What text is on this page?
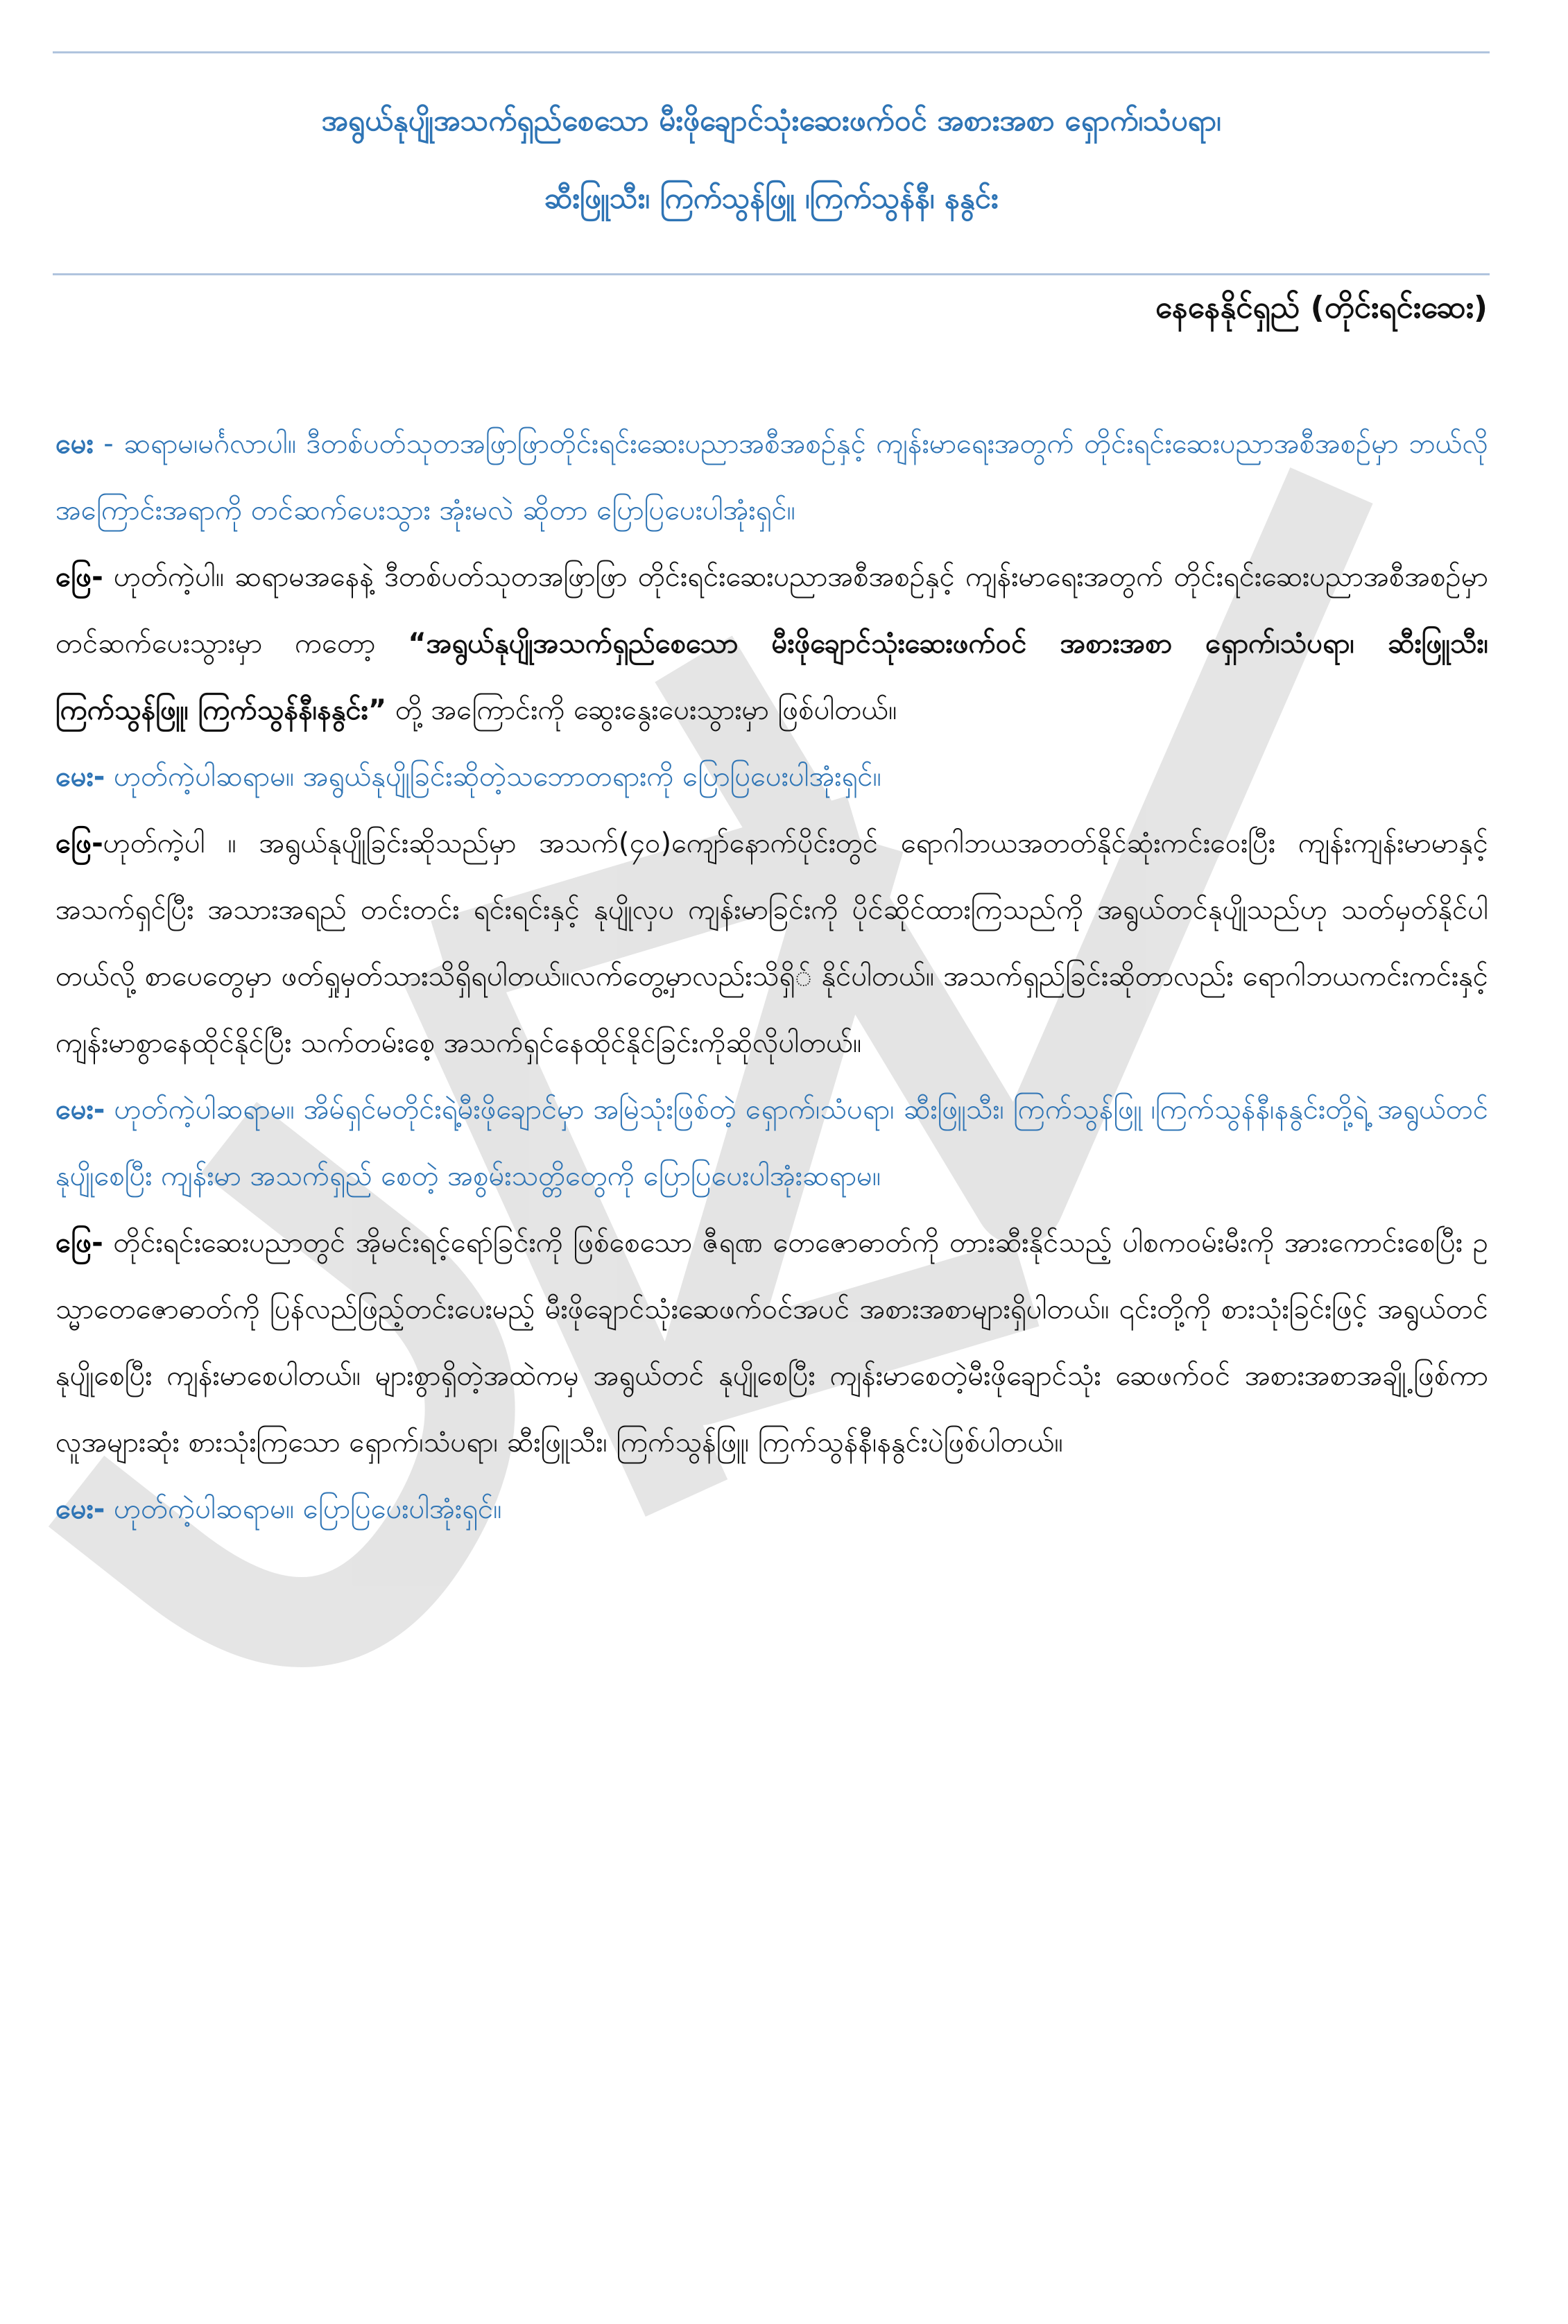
အရွယ်နုပျိုအသက်ရှည်စေသော မီးဖိုချောင်သုံးဆေးဖက်ဝင် အစားအစာ ရှောက်၊သံပရာ၊
ဆီးဖြူသီး၊ ကြက်သွန်ဖြူ ၊ကြက်သွန်နီ၊ နနွင်း
နေနေနိုင်ရှည် (တိုင်းရင်းဆေး)

မေး - ဆရာမ၊မင်္ဂလာပါ။ ဒီတစ်ပတ်သုတအဖြာဖြာတိုင်းရင်းဆေးပညာအစီအစဉ်နှင့် ကျန်းမာရေးအတွက် တိုင်းရင်းဆေးပညာအစီအစဉ်မှာ ဘယ်လိုအကြောင်းအရာကို တင်ဆက်ပေးသွား အုံးမလဲ ဆိုတာ ပြောပြပေးပါအုံးရှင်။

ဖြေ- ဟုတ်ကဲ့ပါ။ ဆရာမအနေနဲ့ ဒီတစ်ပတ်သုတအဖြာဖြာ တိုင်းရင်းဆေးပညာအစီအစဉ်နှင့် ကျန်းမာရေးအတွက် တိုင်းရင်းဆေးပညာအစီအစဉ်မှာ တင်ဆက်ပေးသွားမှာ ကတော့ “အရွယ်နုပျိုအသက်ရှည်စေသော မီးဖိုချောင်သုံးဆေးဖက်ဝင် အစားအစာ ရှောက်၊သံပရာ၊ ဆီးဖြူသီး၊ ကြက်သွန်ဖြူ၊ ကြက်သွန်နီ၊နနွင်း” တို့ အကြောင်းကို ဆွေးနွေးပေးသွားမှာ ဖြစ်ပါတယ်။

မေး- ဟုတ်ကဲ့ပါဆရာမ။ အရွယ်နုပျိုခြင်းဆိုတဲ့သဘောတရားကို ပြောပြပေးပါအုံးရှင်။

ဖြေ-ဟုတ်ကဲ့ပါ ။ အရွယ်နုပျိုခြင်းဆိုသည်မှာ အသက်(၄၀)ကျော်နောက်ပိုင်းတွင် ရောဂါဘယအတတ်နိုင်ဆုံးကင်းဝေးပြီး ကျန်းကျန်းမာမာနှင့် အသက်ရှင်ပြီး အသားအရည် တင်းတင်း ရင်းရင်းနှင့် နုပျိုလှပ ကျန်းမာခြင်းကို ပိုင်ဆိုင်ထားကြသည်ကို အရွယ်တင်နုပျိုသည်ဟု သတ်မှတ်နိုင်ပါတယ်လို့ စာပေတွေမှာ ဖတ်ရှုမှတ်သားသိရှိရပါတယ်။လက်တွေ့မှာလည်းသိရှိ် နိုင်ပါတယ်။ အသက်ရှည်ခြင်းဆိုတာလည်း ရောဂါဘယကင်းကင်းနှင့် ကျန်းမာစွာနေထိုင်နိုင်ပြီး သက်တမ်းစေ့ အသက်ရှင်နေထိုင်နိုင်ခြင်းကိုဆိုလိုပါတယ်။

မေး- ဟုတ်ကဲ့ပါဆရာမ။ အိမ်ရှင်မတိုင်းရဲ့မီးဖိုချောင်မှာ အမြဲသုံးဖြစ်တဲ့ ရှောက်၊သံပရာ၊ ဆီးဖြူသီး၊ ကြက်သွန်ဖြူ ၊ကြက်သွန်နီ၊နနွင်းတို့ရဲ့ အရွယ်တင်နုပျိုစေပြီး ကျန်းမာ အသက်ရှည် စေတဲ့ အစွမ်းသတ္တိတွေကို ပြောပြပေးပါအုံးဆရာမ။

ဖြေ- တိုင်းရင်းဆေးပညာတွင် အိုမင်းရင့်ရော်ခြင်းကို ဖြစ်စေသော ဇီရဏ တေဇောဓာတ်ကို တားဆီးနိုင်သည့် ပါစကဝမ်းမီးကို အားကောင်းစေပြီး ဥသ္မာတေဇောဓာတ်ကို ပြန်လည်ဖြည့်တင်းပေးမည့် မီးဖိုချောင်သုံးဆေဖက်ဝင်အပင် အစားအစာများရှိပါတယ်။ ၎င်းတို့ကို စားသုံးခြင်းဖြင့် အရွယ်တင်နုပျိုစေပြီး ကျန်းမာစေပါတယ်။ များစွာရှိတဲ့အထဲကမှ အရွယ်တင် နုပျိုစေပြီး ကျန်းမာစေတဲ့မီးဖိုချောင်သုံး ဆေဖက်ဝင် အစားအစာအချို့ဖြစ်ကာ လူအများဆုံး စားသုံးကြသော ရှောက်၊သံပရာ၊ ဆီးဖြူသီး၊ ကြက်သွန်ဖြူ၊ ကြက်သွန်နီ၊နနွင်းပဲဖြစ်ပါတယ်။

မေး- ဟုတ်ကဲ့ပါဆရာမ။ ပြောပြပေးပါအုံးရှင်။
